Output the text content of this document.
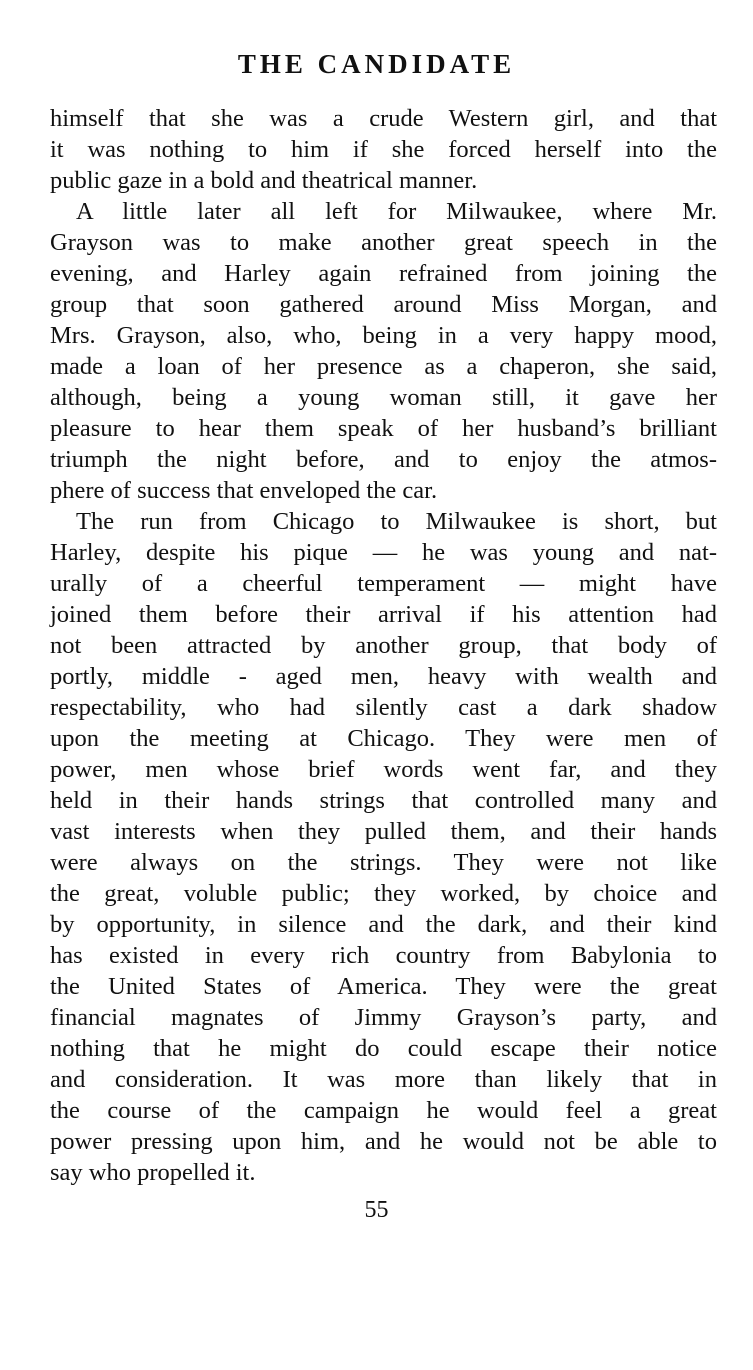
THE CANDIDATE
himself that she was a crude Western girl, and that
it was nothing to him if she forced herself into the
public gaze in a bold and theatrical manner.
A little later all left for Milwaukee, where Mr.
Grayson was to make another great speech in the
evening, and Harley again refrained from joining the
group that soon gathered around Miss Morgan, and
Mrs. Grayson, also, who, being in a very happy mood,
made a loan of her presence as a chaperon, she said,
although, being a young woman still, it gave her
pleasure to hear them speak of her husband’s brilliant
triumph the night before, and to enjoy the atmos-
phere of success that enveloped the car.
The run from Chicago to Milwaukee is short, but
Harley, despite his pique — he was young and nat-
urally of a cheerful temperament — might have
joined them before their arrival if his attention had
not been attracted by another group, that body of
portly, middle - aged men, heavy with wealth and
respectability, who had silently cast a dark shadow
upon the meeting at Chicago. They were men of
power, men whose brief words went far, and they
held in their hands strings that controlled many and
vast interests when they pulled them, and their hands
were always on the strings. They were not like
the great, voluble public; they worked, by choice and
by opportunity, in silence and the dark, and their kind
has existed in every rich country from Babylonia to
the United States of America. They were the great
financial magnates of Jimmy Grayson’s party, and
nothing that he might do could escape their notice
and consideration. It was more than likely that in
the course of the campaign he would feel a great
power pressing upon him, and he would not be able to
say who propelled it.
55
